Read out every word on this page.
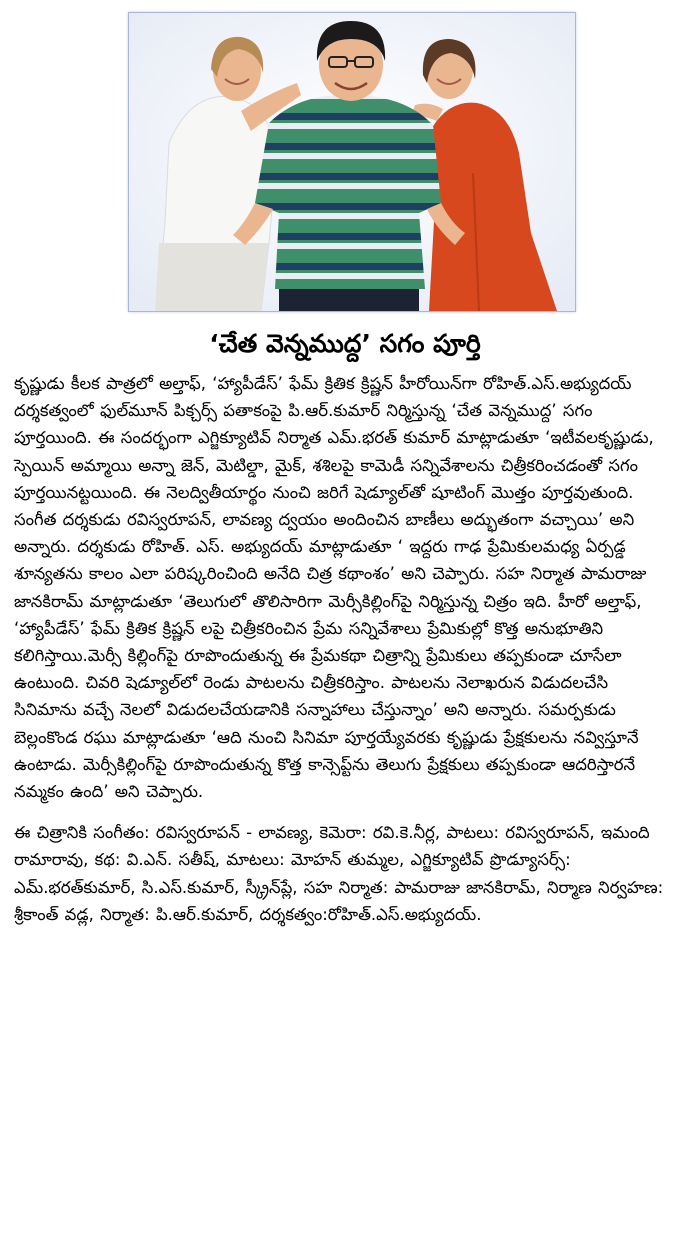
‘చేత వెన్నముద్ద’ సగం పూర్తి

కృష్ణుడు కీలక పాత్రలో అల్తాఫ్, ‘హ్యాపీడేస్’ ఫేమ్ క్రితిక క్రిష్ణన్ హీరోయిన్‌గా రోహిత్.ఎస్.అభ్యుదయ్ దర్శకత్వంలో ఫుల్‌మూన్ పిక్చర్స్ పతాకంపై పి.ఆర్.కుమార్ నిర్మిస్తున్న ‘చేత వెన్నముద్ద’ సగం పూర్తయింది. ఈ సందర్భంగా ఎగ్జిక్యూటివ్ నిర్మాత ఎమ్.భరత్ కుమార్ మాట్లాడుతూ ‘ఇటీవలకృష్ణుడు, స్పెయిన్ అమ్మాయి అన్నా జెన్, మెటిల్డా, మైక్, శశిలపై కామెడీ సన్నివేశాలను చిత్రీకరించడంతో సగం పూర్తయినట్టయింది. ఈ నెలద్వితీయార్థం నుంచి జరిగే షెడ్యూల్‌తో షూటింగ్ మొత్తం పూర్తవుతుంది. సంగీత దర్శకుడు రవిస్వరూపన్, లావణ్య ద్వయం అందించిన బాణీలు అద్భుతంగా వచ్చాయి’ అని అన్నారు. దర్శకుడు రోహిత్. ఎస్. అభ్యుదయ్ మాట్లాడుతూ ‘ ఇద్దరు గాఢ ప్రేమికులమధ్య ఏర్పడ్డ శూన్యతను కాలం ఎలా పరిష్కరించింది అనేది చిత్ర కథాంశం’ అని చెప్పారు. సహ నిర్మాత పామరాజు జానకిరామ్ మాట్లాడుతూ ‘తెలుగులో తొలిసారిగా మెర్సీకిల్లింగ్‌పై నిర్మిస్తున్న చిత్రం ఇది. హీరో అల్తాఫ్, ‘హ్యాపీడేస్’ ఫేమ్ క్రితిక క్రిష్ణన్ లపై చిత్రీకరించిన ప్రేమ సన్నివేశాలు ప్రేమికుల్లో కొత్త అనుభూతిని కలిగిస్తాయి.మెర్సీ కిల్లింగ్‌పై రూపొందుతున్న ఈ ప్రేమకథా చిత్రాన్ని ప్రేమికులు తప్పకుండా చూసేలా ఉంటుంది. చివరి షెడ్యూల్‌లో రెండు పాటలను చిత్రీకరిస్తాం. పాటలను నెలాఖరున విడుదలచేసి సినిమాను వచ్చే నెలలో విడుదలచేయడానికి సన్నాహాలు చేస్తున్నాం’ అని అన్నారు. సమర్పకుడు బెల్లంకొండ రఘు మాట్లాడుతూ ‘ఆది నుంచి సినిమా పూర్తయ్యేవరకు కృష్ణుడు ప్రేక్షకులను నవ్విస్తూనే ఉంటాడు. మెర్సీకిల్లింగ్‌పై రూపొందుతున్న కొత్త కాన్సెప్ట్‌ను తెలుగు ప్రేక్షకులు తప్పకుండా ఆదరిస్తారనే నమ్మకం ఉంది’ అని చెప్పారు.

ఈ చిత్రానికి సంగీతం: రవిస్వరూపన్ - లావణ్య, కెమెరా: రవి.కె.నీర్ల, పాటలు: రవిస్వరూపన్, ఇమంది రామారావు, కథ: వి.ఎన్. సతీష్, మాటలు: మోహన్ తుమ్మల, ఎగ్జిక్యూటివ్ ప్రొడ్యూసర్స్: ఎమ్.భరత్‌కుమార్, సి.ఎస్.కుమార్, స్క్రీన్‌ప్లే, సహ నిర్మాత: పామరాజు జానకిరామ్, నిర్మాణ నిర్వహణ: శ్రీకాంత్ వడ్ల, నిర్మాత: పి.ఆర్.కుమార్, దర్శకత్వం:రోహిత్.ఎస్.అభ్యుదయ్.
